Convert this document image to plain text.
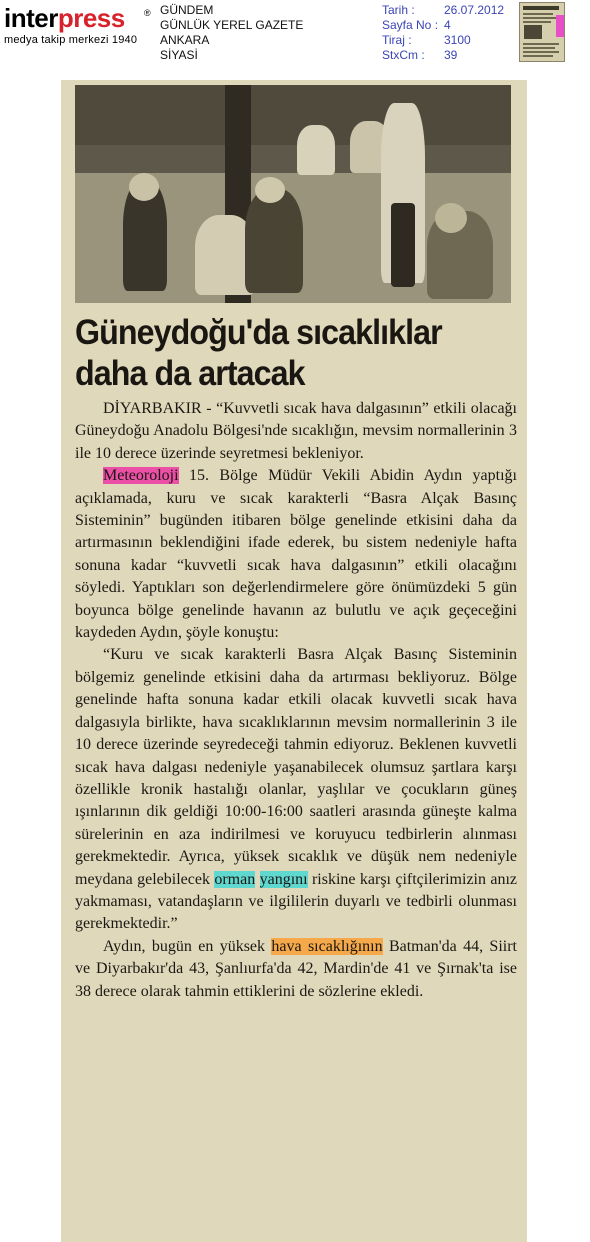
interpress	®
medya takip merkezi 1940
GÜNDEM
GÜNLÜK YEREL GAZETE
ANKARA
SİYASİ
Tarih :
Sayfa No :
Tiraj :
StxCm :
26.07.2012
4
3100
39
Güneydoğu'da sıcaklıklar
daha da artacak

DİYARBAKIR - “Kuvvetli sıcak hava dalgasının” etkili olacağı Güneydoğu Anadolu Bölgesi'nde sıcaklığın, mevsim normallerinin 3 ile 10 derece üzerinde seyretmesi bekleniyor.

Meteoroloji 15. Bölge Müdür Vekili Abidin Aydın yaptığı açıklamada, kuru ve sıcak karakterli “Basra Alçak Basınç Sisteminin” bugünden itibaren bölge genelinde etkisini daha da artırmasının beklendiğini ifade ederek, bu sistem nedeniyle hafta sonuna kadar “kuvvetli sıcak hava dalgasının” etkili olacağını söyledi. Yaptıkları son değerlendirmelere göre önümüzdeki 5 gün boyunca bölge genelinde havanın az bulutlu ve açık geçeceğini kaydeden Aydın, şöyle konuştu:

“Kuru ve sıcak karakterli Basra Alçak Basınç Sisteminin bölgemiz genelinde etkisini daha da artırması bekliyoruz. Bölge genelinde hafta sonuna kadar etkili olacak kuvvetli sıcak hava dalgasıyla birlikte, hava sıcaklıklarının mevsim normallerinin 3 ile 10 derece üzerinde seyredeceği tahmin ediyoruz. Beklenen kuvvetli sıcak hava dalgası nedeniyle yaşanabilecek olumsuz şartlara karşı özellikle kronik hastalığı olanlar, yaşlılar ve çocukların güneş ışınlarının dik geldiği 10:00-16:00 saatleri arasında güneşte kalma sürelerinin en aza indirilmesi ve koruyucu tedbirlerin alınması gerekmektedir. Ayrıca, yüksek sıcaklık ve düşük nem nedeniyle meydana gelebilecek orman yangını riskine karşı çiftçilerimizin anız yakmaması, vatandaşların ve ilgililerin duyarlı ve tedbirli olunması gerekmektedir.”

Aydın, bugün en yüksek hava sıcaklığının Batman'da 44, Siirt ve Diyarbakır'da 43, Şanlıurfa'da 42, Mardin'de 41 ve Şırnak'ta ise 38 derece olarak tahmin ettiklerini de sözlerine ekledi.
